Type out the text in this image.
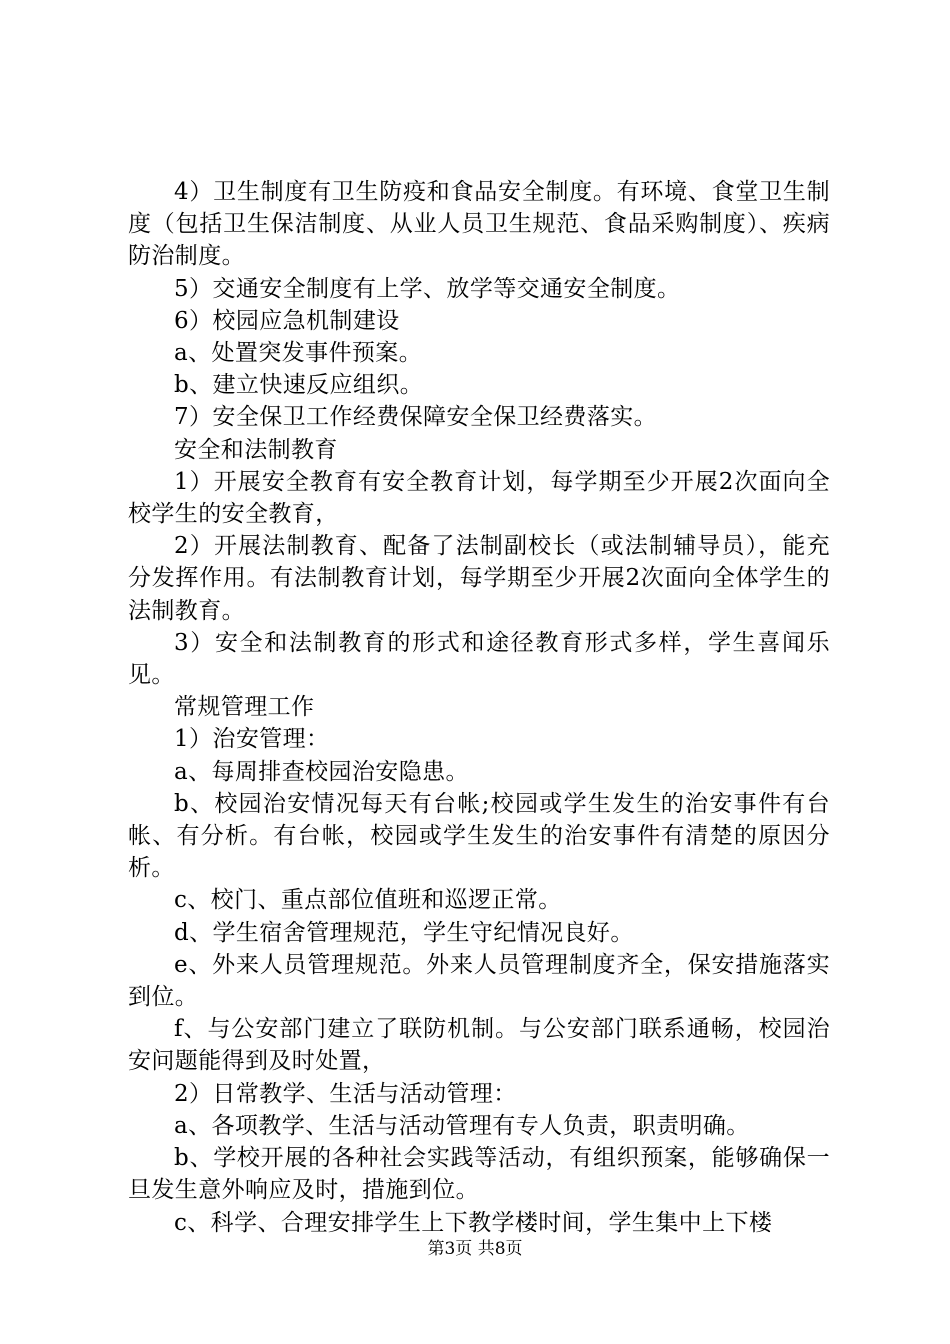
4）卫生制度有卫生防疫和食品安全制度。有环境、食堂卫生制度（包括卫生保洁制度、从业人员卫生规范、食品采购制度）、疾病防治制度。

5）交通安全制度有上学、放学等交通安全制度。

6）校园应急机制建设

a、处置突发事件预案。

b、建立快速反应组织。

7）安全保卫工作经费保障安全保卫经费落实。

安全和法制教育

1）开展安全教育有安全教育计划，每学期至少开展2次面向全校学生的安全教育，

2）开展法制教育、配备了法制副校长（或法制辅导员），能充分发挥作用。有法制教育计划，每学期至少开展2次面向全体学生的法制教育。

3）安全和法制教育的形式和途径教育形式多样，学生喜闻乐见。

常规管理工作

1）治安管理：

a、每周排查校园治安隐患。

b、校园治安情况每天有台帐;校园或学生发生的治安事件有台帐、有分析。有台帐，校园或学生发生的治安事件有清楚的原因分析。

c、校门、重点部位值班和巡逻正常。

d、学生宿舍管理规范，学生守纪情况良好。

e、外来人员管理规范。外来人员管理制度齐全，保安措施落实到位。

f、与公安部门建立了联防机制。与公安部门联系通畅，校园治安问题能得到及时处置，

2）日常教学、生活与活动管理：

a、各项教学、生活与活动管理有专人负责，职责明确。

b、学校开展的各种社会实践等活动，有组织预案，能够确保一旦发生意外响应及时，措施到位。

c、科学、合理安排学生上下教学楼时间，学生集中上下楼

第3页 共8页
